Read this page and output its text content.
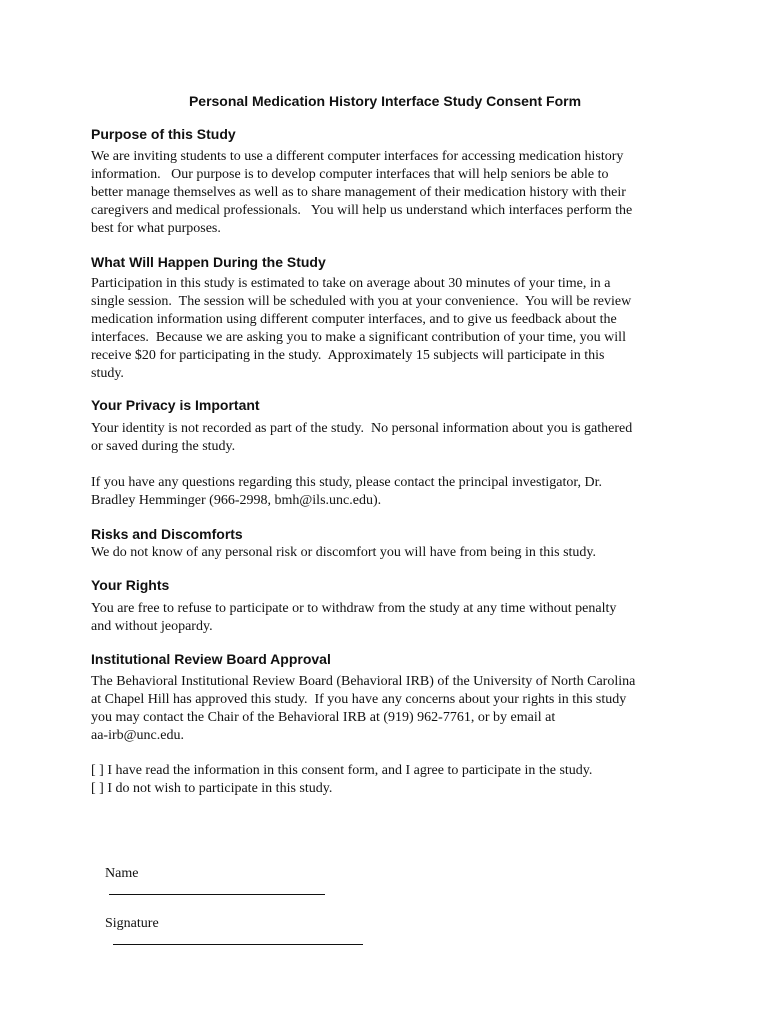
Personal Medication History Interface Study Consent Form
Purpose of this Study
We are inviting students to use a different computer interfaces for accessing medication history
information.   Our purpose is to develop computer interfaces that will help seniors be able to
better manage themselves as well as to share management of their medication history with their
caregivers and medical professionals.   You will help us understand which interfaces perform the
best for what purposes.
What Will Happen During the Study
Participation in this study is estimated to take on average about 30 minutes of your time, in a
single session.  The session will be scheduled with you at your convenience.  You will be review
medication information using different computer interfaces, and to give us feedback about the
interfaces.  Because we are asking you to make a significant contribution of your time, you will
receive $20 for participating in the study.  Approximately 15 subjects will participate in this
study.
Your Privacy is Important
Your identity is not recorded as part of the study.  No personal information about you is gathered
or saved during the study.
If you have any questions regarding this study, please contact the principal investigator, Dr.
Bradley Hemminger (966-2998, bmh@ils.unc.edu).
Risks and Discomforts
We do not know of any personal risk or discomfort you will have from being in this study.
Your Rights
You are free to refuse to participate or to withdraw from the study at any time without penalty
and without jeopardy.
Institutional Review Board Approval
The Behavioral Institutional Review Board (Behavioral IRB) of the University of North Carolina
at Chapel Hill has approved this study.  If you have any concerns about your rights in this study
you may contact the Chair of the Behavioral IRB at (919) 962-7761, or by email at
aa-irb@unc.edu.
[ ] I have read the information in this consent form, and I agree to participate in the study.
[ ] I do not wish to participate in this study.

Name

Signature
